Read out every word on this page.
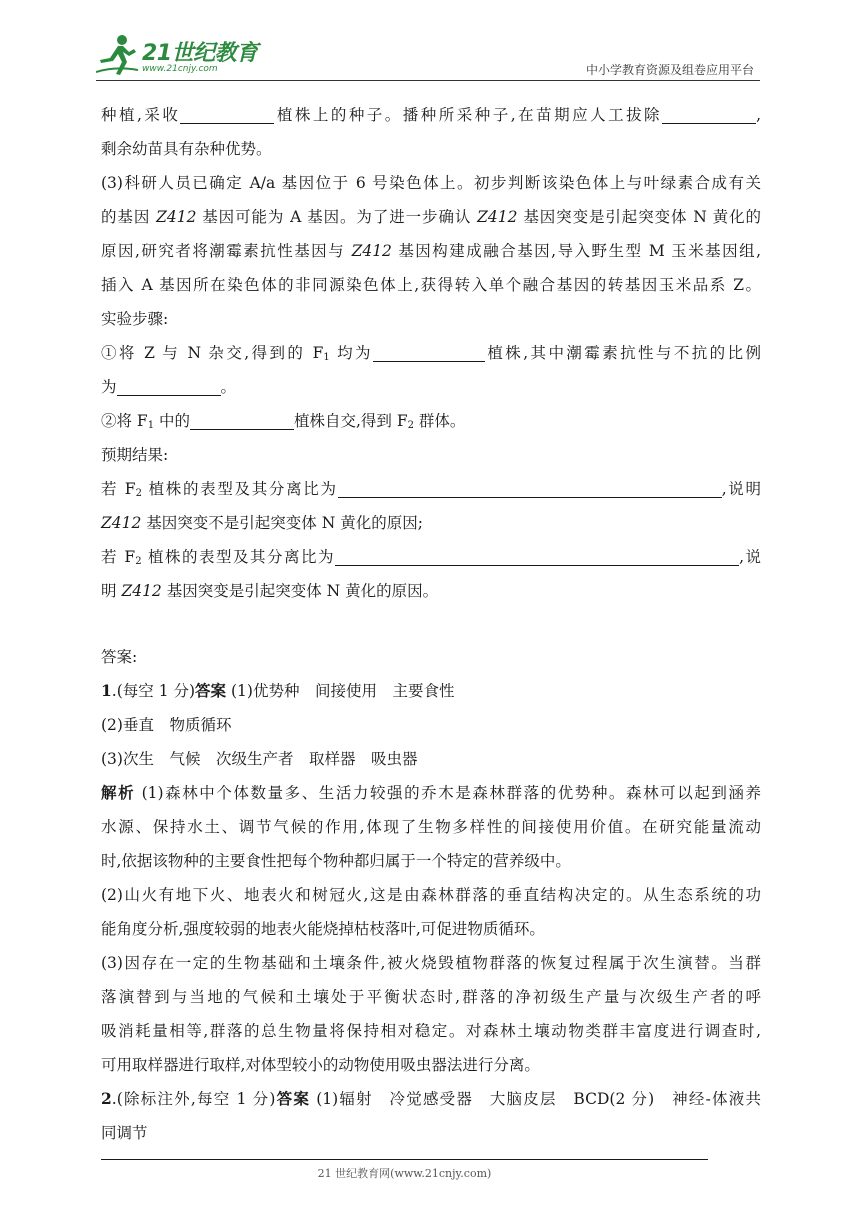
21世纪教育
www.21cnjy.com	中小学教育资源及组卷应用平台
种植,采收	植株上的种子。播种所采种子,在苗期应人工拔除	,
剩余幼苗具有杂种优势。
(3)科研人员已确定 A/a 基因位于 6 号染色体上。初步判断该染色体上与叶绿素合成有关
的基因 Z412 基因可能为 A 基因。为了进一步确认 Z412 基因突变是引起突变体 N 黄化的
原因,研究者将潮霉素抗性基因与 Z412 基因构建成融合基因,导入野生型 M 玉米基因组,
插入 A 基因所在染色体的非同源染色体上,获得转入单个融合基因的转基因玉米品系 Z。
实验步骤:
①将 Z 与 N 杂交,得到的 $F_1$ 均为	植株,其中潮霉素抗性与不抗的比例
为	。
②将 $F_1$ 中的	植株自交,得到 $F_2$ 群体。
预期结果:
若 $F_2$ 植株的表型及其分离比为	,说明
Z412 基因突变不是引起突变体 N 黄化的原因;
若 $F_2$ 植株的表型及其分离比为	,说
明 Z412 基因突变是引起突变体 N 黄化的原因。
答案:
1.(每空 1 分)答案 (1)优势种　间接使用　主要食性
(2)垂直　物质循环
(3)次生　气候　次级生产者　取样器　吸虫器
解析 (1)森林中个体数量多、生活力较强的乔木是森林群落的优势种。森林可以起到涵养
水源、保持水土、调节气候的作用,体现了生物多样性的间接使用价值。在研究能量流动
时,依据该物种的主要食性把每个物种都归属于一个特定的营养级中。
(2)山火有地下火、地表火和树冠火,这是由森林群落的垂直结构决定的。从生态系统的功
能角度分析,强度较弱的地表火能烧掉枯枝落叶,可促进物质循环。
(3)因存在一定的生物基础和土壤条件,被火烧毁植物群落的恢复过程属于次生演替。当群
落演替到与当地的气候和土壤处于平衡状态时,群落的净初级生产量与次级生产者的呼
吸消耗量相等,群落的总生物量将保持相对稳定。对森林土壤动物类群丰富度进行调查时,
可用取样器进行取样,对体型较小的动物使用吸虫器法进行分离。
2.(除标注外,每空 1 分)答案 (1)辐射　冷觉感受器　大脑皮层　BCD(2 分)　神经-体液共
同调节
21 世纪教育网(www.21cnjy.com)
